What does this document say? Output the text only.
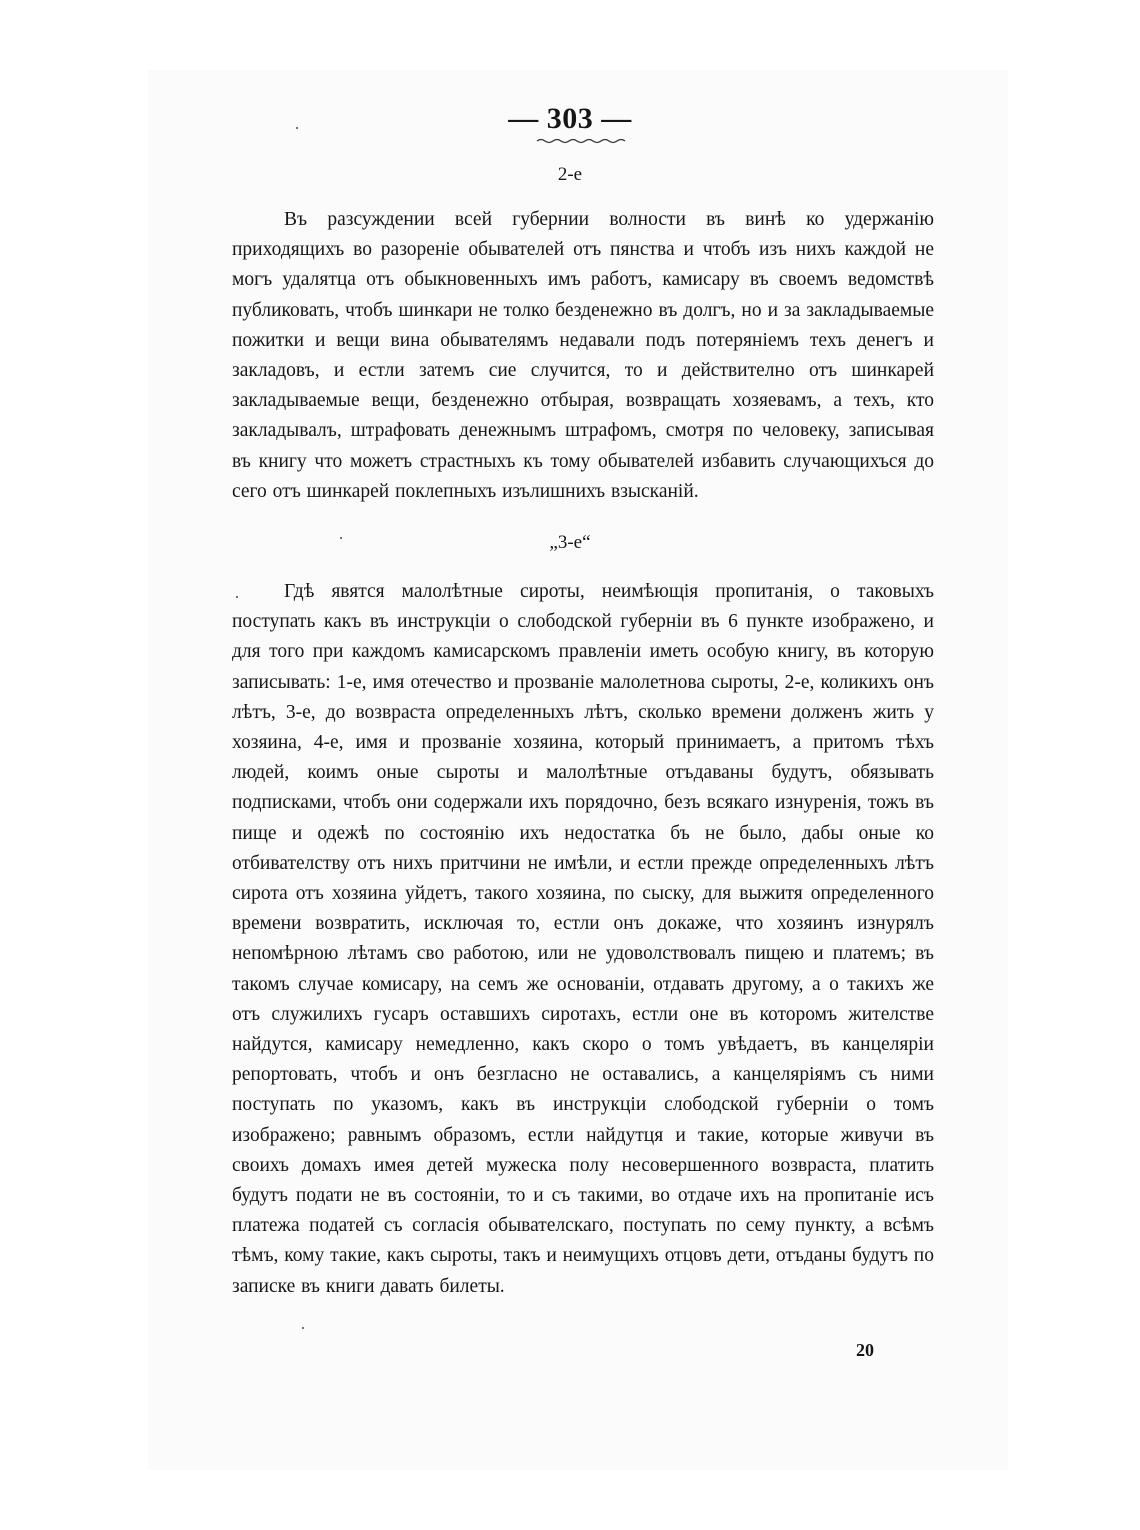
— 303 —
2-е

Въ разсуждении всей губернии волности въ винѣ ко удержанію приходящихъ во разореніе обывателей отъ пянства и чтобъ изъ нихъ каждой не могъ удалятца отъ обыкновенныхъ имъ работъ, камисару въ своемъ ведомствѣ публиковать, чтобъ шинкари не толко безденежно въ долгъ, но и за закладываемые пожитки и вещи вина обывателямъ недавали подъ потеряніемъ техъ денегъ и закладовъ, и естли затемъ сие случится, то и действително отъ шинкарей закладываемые вещи, безденежно отбырая, возвращать хозяевамъ, а техъ, кто закладывалъ, штрафовать денежнымъ штрафомъ, смотря по человеку, записывая въ книгу что можетъ страстныхъ къ тому обывателей избавить случающихъся до сего отъ шинкарей поклепныхъ изълишнихъ взысканій.

„3-е“

Гдѣ явятся малолѣтные сироты, неимѣющія пропитанія, о таковыхъ поступать какъ въ инструкціи о слободской губерніи въ 6 пункте изображено, и для того при каждомъ камисарскомъ правленіи иметь особую книгу, въ которую записывать: 1-е, имя отечество и прозваніе малолетнова сыроты, 2-е, коликихъ онъ лѣтъ, 3-е, до возвраста определенныхъ лѣтъ, сколько времени долженъ жить у хозяина, 4-е, имя и прозваніе хозяина, который принимаетъ, а притомъ тѣхъ людей, коимъ оные сыроты и малолѣтные отъдаваны будутъ, обязывать подписками, чтобъ они содержали ихъ порядочно, безъ всякаго изнуренія, тожъ въ пище и одежѣ по состоянію ихъ недостатка бъ не было, дабы оные ко отбивателству отъ нихъ притчини не имѣли, и естли прежде определенныхъ лѣтъ сирота отъ хозяина уйдетъ, такого хозяина, по сыску, для выжитя определенного времени возвратить, исключая то, естли онъ докаже, что хозяинъ изнурялъ непомѣрною лѣтамъ сво работою, или не удоволствовалъ пищею и платемъ; въ такомъ случае комисару, на семъ же основаніи, отдавать другому, а о такихъ же отъ служилихъ гусаръ оставшихъ сиротахъ, естли оне въ которомъ жителстве найдутся, камисару немедленно, какъ скоро о томъ увѣдаетъ, въ канцеляріи репортовать, чтобъ и онъ безгласно не оставались, а канцеляріямъ съ ними поступать по указомъ, какъ въ инструкціи слободской губерніи о томъ изображено; равнымъ образомъ, естли найдутця и такие, которые живучи въ своихъ домахъ имея детей мужеска полу несовершенного возвраста, платить будутъ подати не въ состояніи, то и съ такими, во отдаче ихъ на пропитаніе исъ платежа податей съ согласія обывателскаго, поступать по сему пункту, а всѣмъ тѣмъ, кому такие, какъ сыроты, такъ и неимущихъ отцовъ дети, отъданы будутъ по записке въ книги давать билеты.

20
